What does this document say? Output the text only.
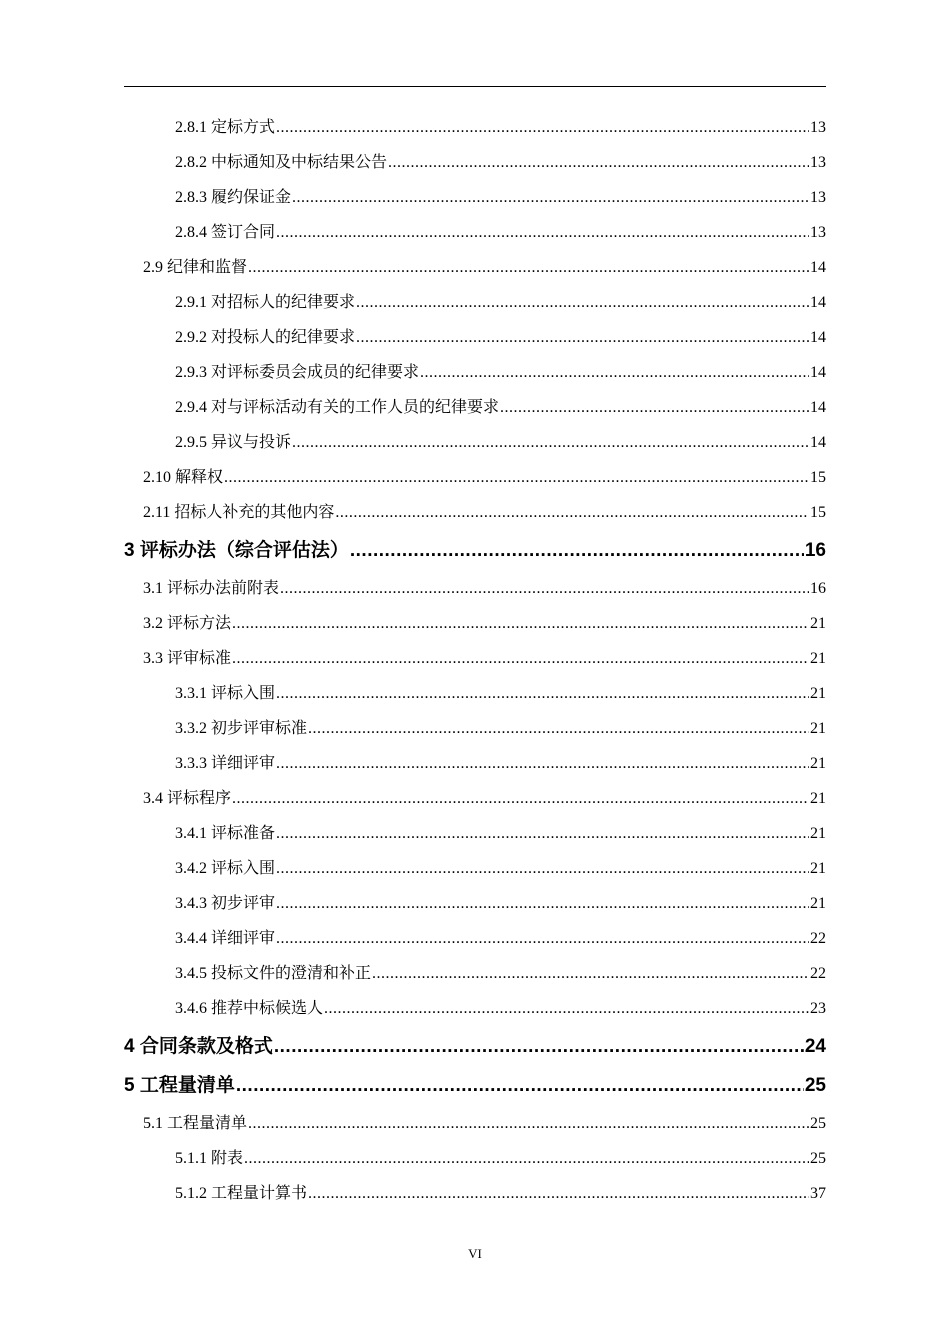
2.8.1 定标方式 .....	13
2.8.2 中标通知及中标结果公告 .....	13
2.8.3 履约保证金 .....	13
2.8.4 签订合同 .....	13
2.9 纪律和监督 .....	14
2.9.1 对招标人的纪律要求 .....	14
2.9.2 对投标人的纪律要求 .....	14
2.9.3 对评标委员会成员的纪律要求 .....	14
2.9.4 对与评标活动有关的工作人员的纪律要求 .....	14
2.9.5 异议与投诉 .....	14
2.10 解释权 .....	15
2.11 招标人补充的其他内容 .....	15
3 评标办法（综合评估法） .....	16
3.1 评标办法前附表 .....	16
3.2 评标方法 .....	21
3.3 评审标准 .....	21
3.3.1 评标入围 .....	21
3.3.2 初步评审标准 .....	21
3.3.3 详细评审 .....	21
3.4 评标程序 .....	21
3.4.1 评标准备 .....	21
3.4.2 评标入围 .....	21
3.4.3 初步评审 .....	21
3.4.4 详细评审 .....	22
3.4.5 投标文件的澄清和补正 .....	22
3.4.6 推荐中标候选人 .....	23
4 合同条款及格式 .....	24
5 工程量清单 .....	25
5.1 工程量清单 .....	25
5.1.1 附表 .....	25
5.1.2 工程量计算书 .....	37
VI
